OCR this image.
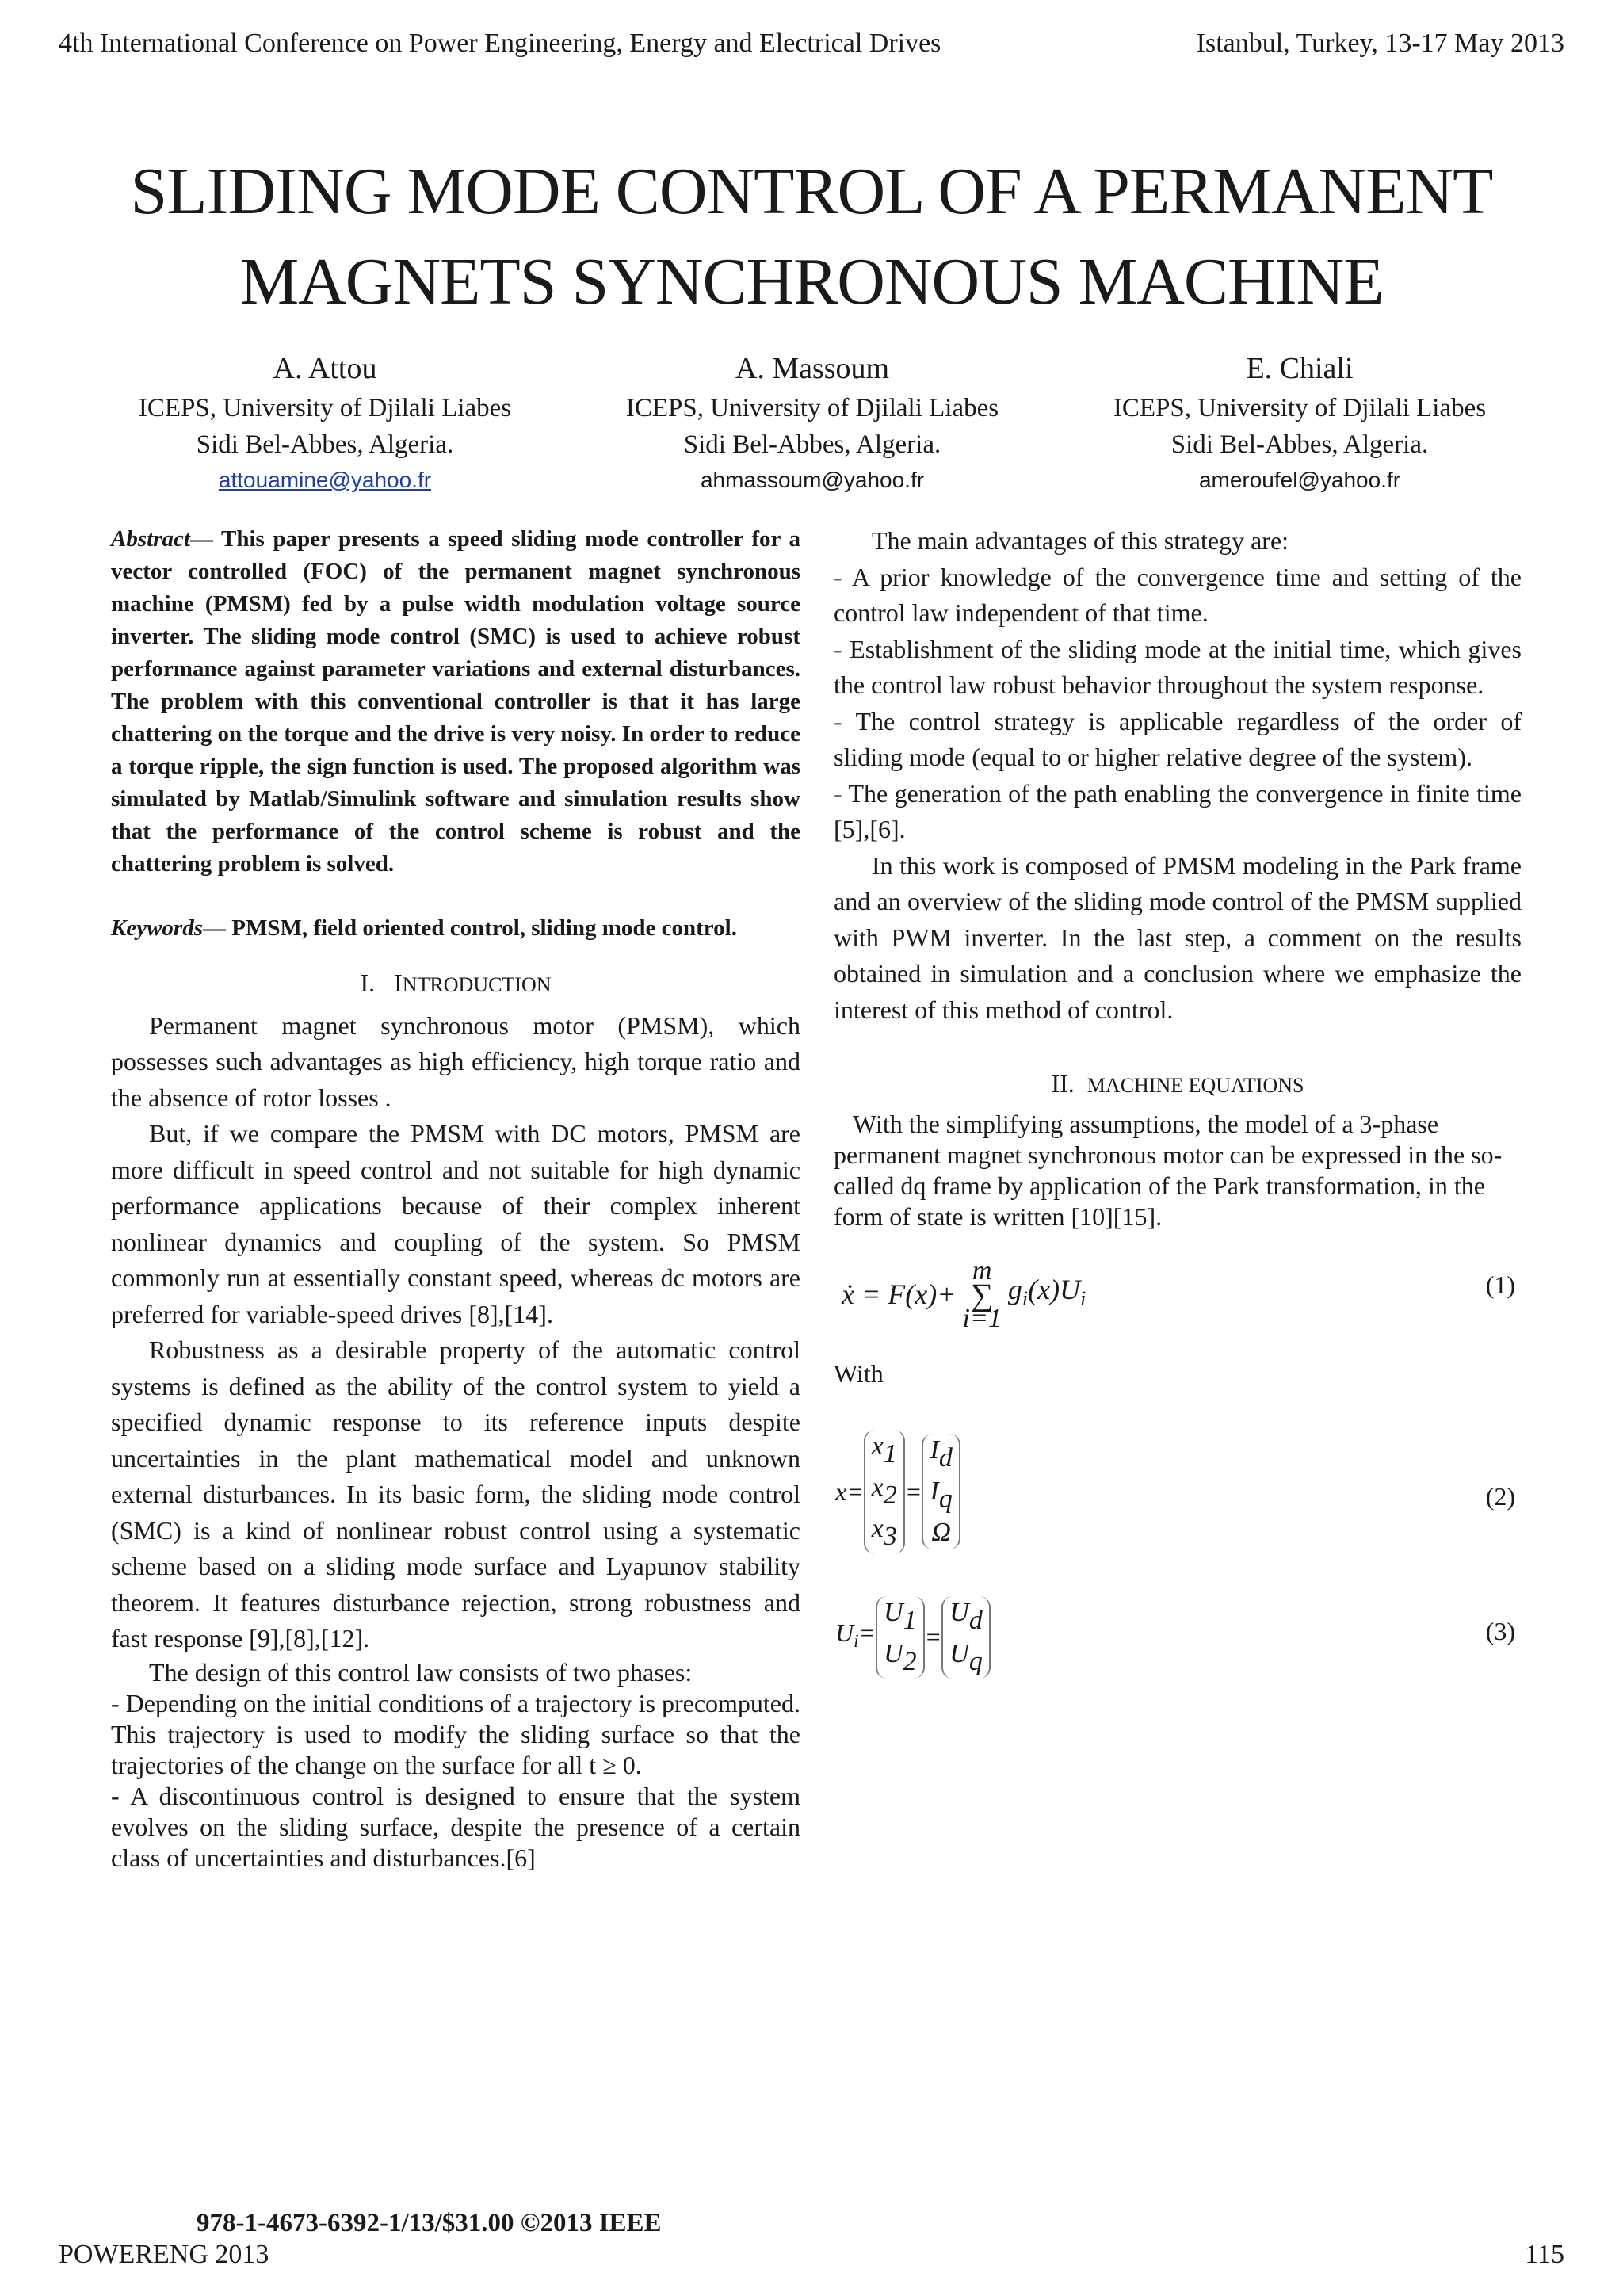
4th International Conference on Power Engineering, Energy and Electrical Drives	Istanbul, Turkey, 13-17 May 2013
SLIDING MODE CONTROL OF A PERMANENT
MAGNETS SYNCHRONOUS MACHINE
A. Attou
ICEPS, University of Djilali Liabes
Sidi Bel-Abbes, Algeria.
attouamine@yahoo.fr
A. Massoum
ICEPS, University of Djilali Liabes
Sidi Bel-Abbes, Algeria.
ahmassoum@yahoo.fr
E. Chiali
ICEPS, University of Djilali Liabes
Sidi Bel-Abbes, Algeria.
ameroufel@yahoo.fr

Abstract— This paper presents a speed sliding mode controller for a vector controlled (FOC) of the permanent magnet synchronous machine (PMSM) fed by a pulse width modulation voltage source inverter. The sliding mode control (SMC) is used to achieve robust performance against parameter variations and external disturbances. The problem with this conventional controller is that it has large chattering on the torque and the drive is very noisy. In order to reduce a torque ripple, the sign function is used. The proposed algorithm was simulated by Matlab/Simulink software and simulation results show that the performance of the control scheme is robust and the chattering problem is solved.

Keywords— PMSM, field oriented control, sliding mode control.

I. INTRODUCTION

Permanent magnet synchronous motor (PMSM), which possesses such advantages as high efficiency, high torque ratio and the absence of rotor losses .

But, if we compare the PMSM with DC motors, PMSM are more difficult in speed control and not suitable for high dynamic performance applications because of their complex inherent nonlinear dynamics and coupling of the system. So PMSM commonly run at essentially constant speed, whereas dc motors are preferred for variable-speed drives [8],[14].

Robustness as a desirable property of the automatic control systems is defined as the ability of the control system to yield a specified dynamic response to its reference inputs despite uncertainties in the plant mathematical model and unknown external disturbances. In its basic form, the sliding mode control (SMC) is a kind of nonlinear robust control using a systematic scheme based on a sliding mode surface and Lyapunov stability theorem. It features disturbance rejection, strong robustness and fast response [9],[8],[12].

The design of this control law consists of two phases:

- Depending on the initial conditions of a trajectory is precomputed. This trajectory is used to modify the sliding surface so that the trajectories of the change on the surface for all t ≥ 0.

- A discontinuous control is designed to ensure that the system evolves on the sliding surface, despite the presence of a certain class of uncertainties and disturbances.[6]

The main advantages of this strategy are:

- A prior knowledge of the convergence time and setting of the control law independent of that time.

- Establishment of the sliding mode at the initial time, which gives the control law robust behavior throughout the system response.

- The control strategy is applicable regardless of the order of sliding mode (equal to or higher relative degree of the system).

- The generation of the path enabling the convergence in finite time [5],[6].

In this work is composed of PMSM modeling in the Park frame and an overview of the sliding mode control of the PMSM supplied with PWM inverter. In the last step, a comment on the results obtained in simulation and a conclusion where we emphasize the interest of this method of control.

II. MACHINE EQUATIONS

With the simplifying assumptions, the model of a 3-phase permanent magnet synchronous motor can be expressed in the so-called dq frame by application of the Park transformation, in the form of state is written [10][15].

ẋ = F(x)+
m
∑
i=1
$g_i(x)U_i$
(1)

With

x=
x1
x2
x3
=
Id
Iq
Ω
(2)
$U_i=$
U1
U2
=
Ud
Uq
(3)
978-1-4673-6392-1/13/$31.00 ©2013 IEEE
POWERENG 2013	115
